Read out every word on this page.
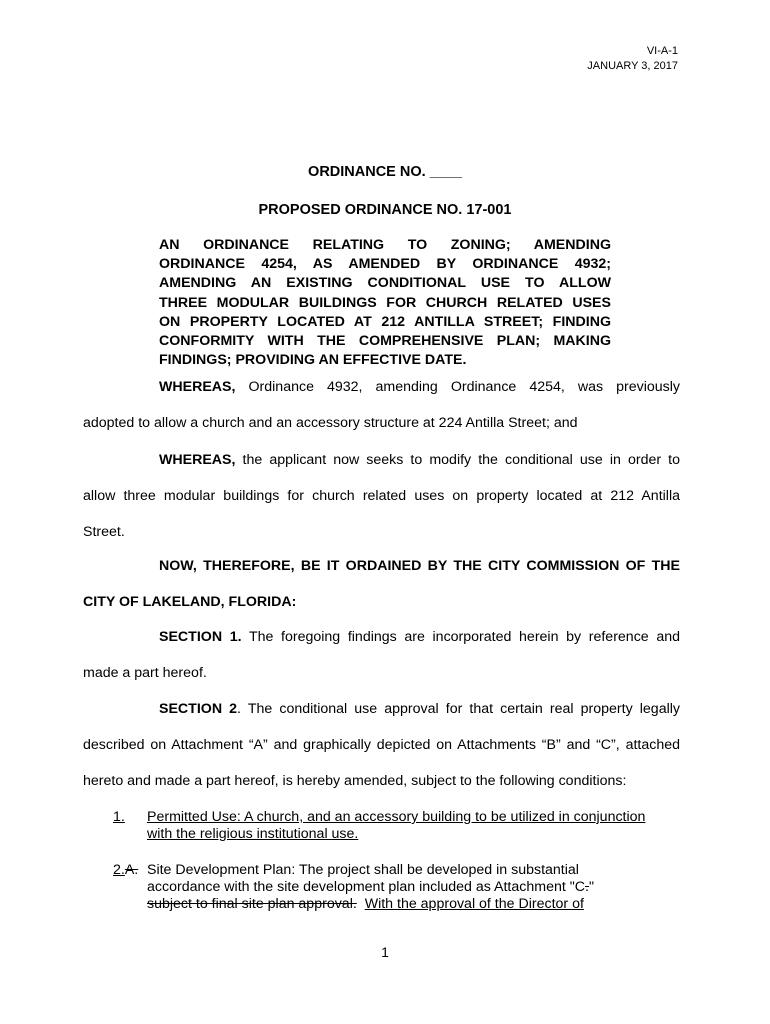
VI-A-1
JANUARY 3, 2017
ORDINANCE NO. ____
PROPOSED ORDINANCE NO. 17-001
AN ORDINANCE RELATING TO ZONING; AMENDING
ORDINANCE 4254, AS AMENDED BY ORDINANCE 4932;
AMENDING AN EXISTING CONDITIONAL USE TO ALLOW
THREE MODULAR BUILDINGS FOR CHURCH RELATED USES
ON PROPERTY LOCATED AT 212 ANTILLA STREET; FINDING
CONFORMITY WITH THE COMPREHENSIVE PLAN; MAKING
FINDINGS; PROVIDING AN EFFECTIVE DATE.
WHEREAS, Ordinance 4932, amending Ordinance 4254, was previously
adopted to allow a church and an accessory structure at 224 Antilla Street; and
WHEREAS, the applicant now seeks to modify the conditional use in order to
allow three modular buildings for church related uses on property located at 212 Antilla
Street.
NOW, THEREFORE, BE IT ORDAINED BY THE CITY COMMISSION OF THE
CITY OF LAKELAND, FLORIDA:
SECTION 1. The foregoing findings are incorporated herein by reference and
made a part hereof.
SECTION 2. The conditional use approval for that certain real property legally
described on Attachment “A” and graphically depicted on Attachments “B” and “C”, attached
hereto and made a part hereof, is hereby amended, subject to the following conditions:
1. Permitted Use: A church, and an accessory building to be utilized in conjunction
with the religious institutional use.
2.A. Site Development Plan: The project shall be developed in substantial
accordance with the site development plan included as Attachment "C."
subject to final site plan approval. With the approval of the Director of
1
